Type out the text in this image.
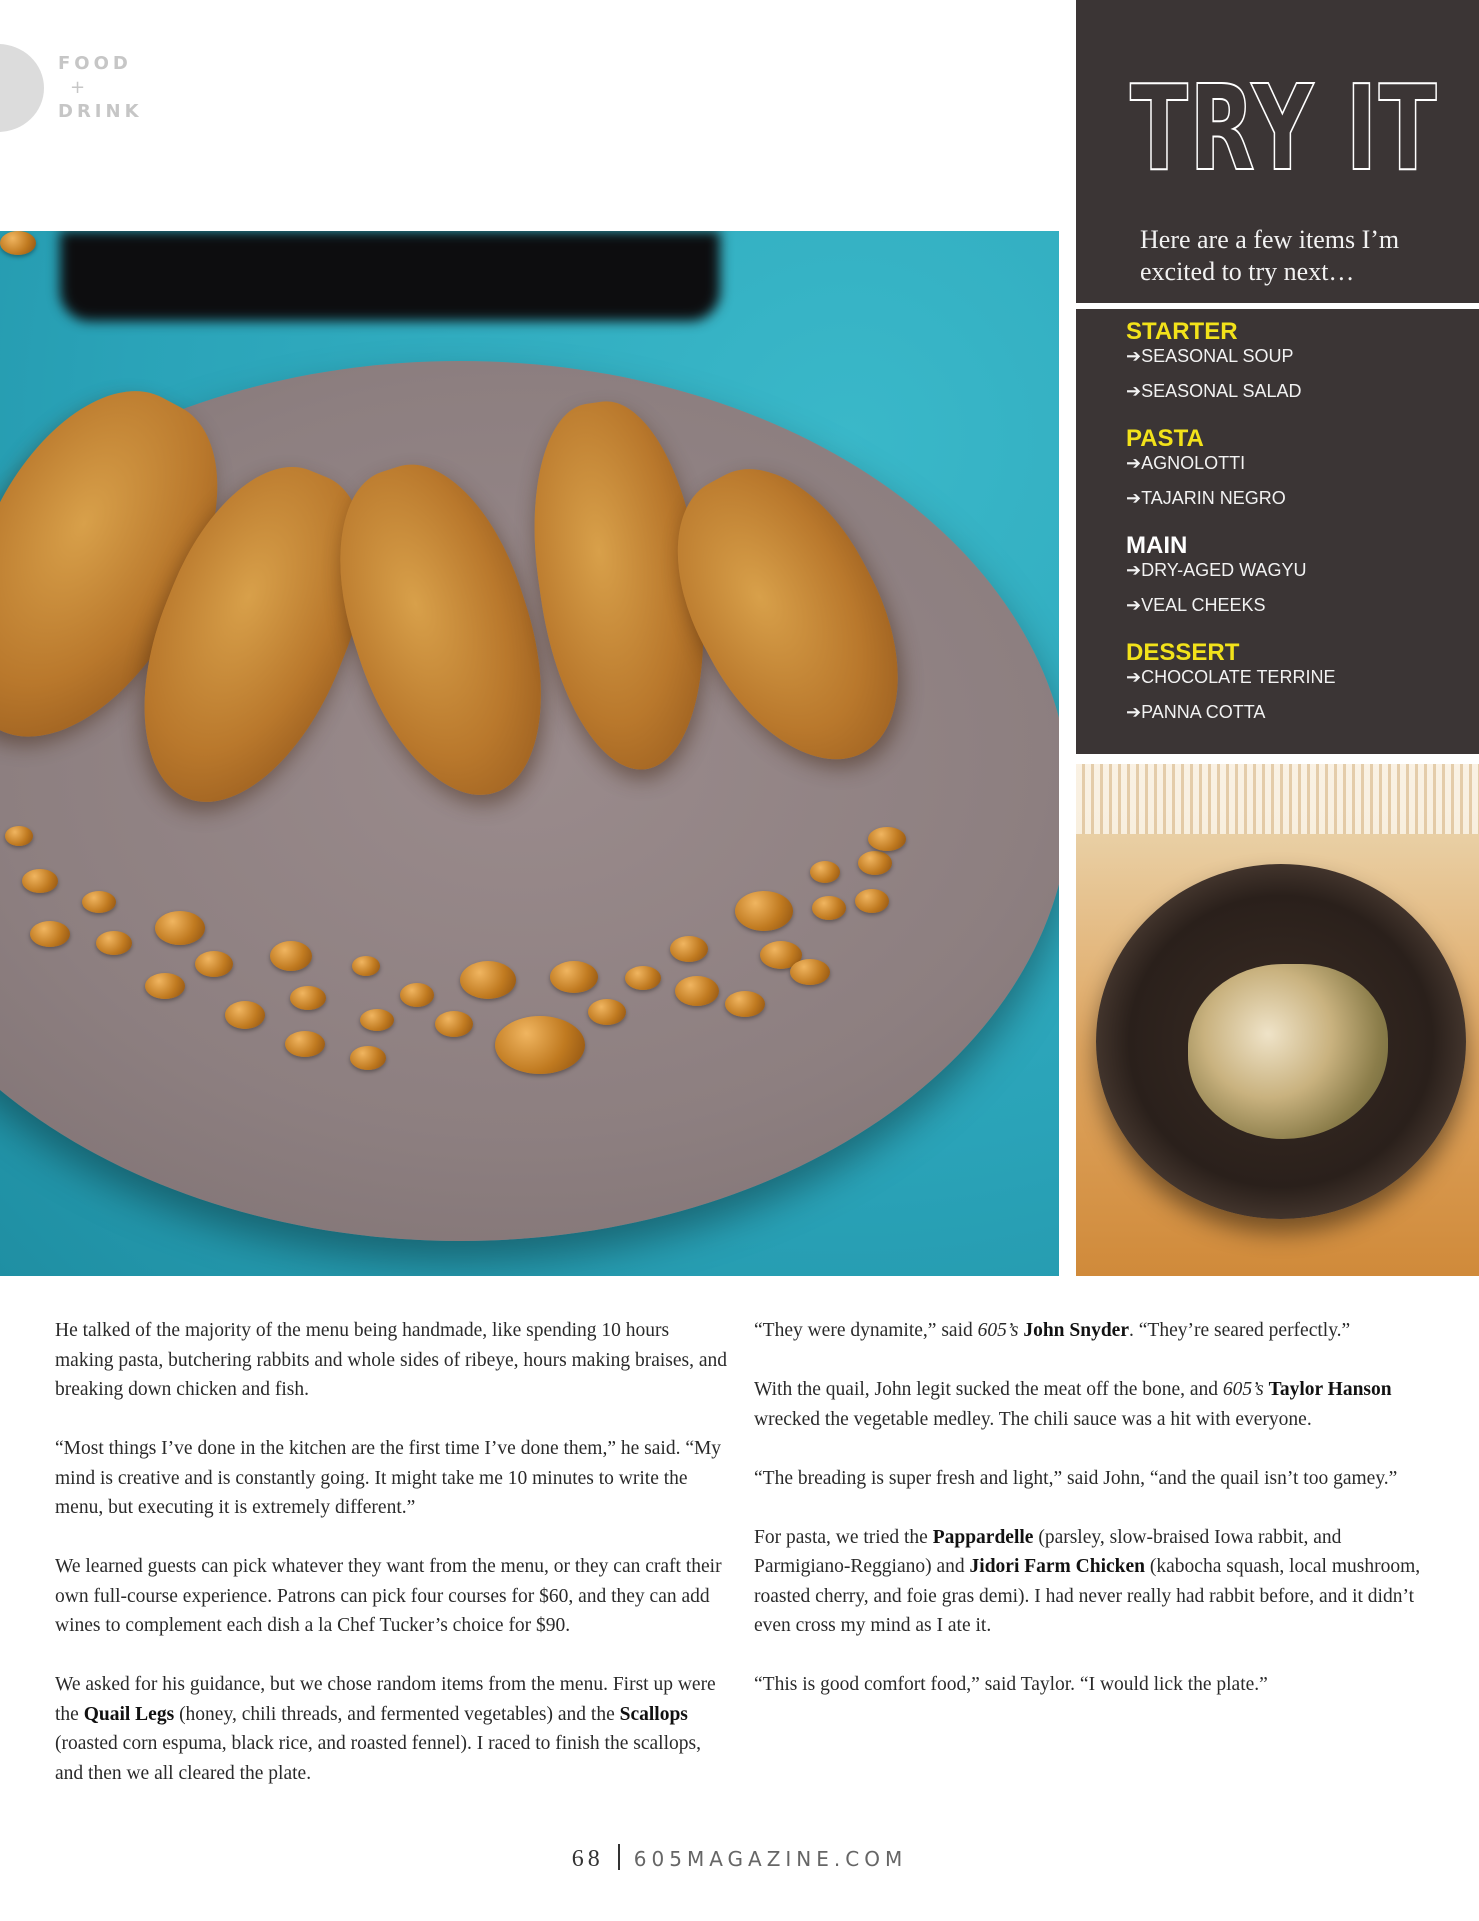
FOOD
+
DRINK	TRY IT
Here are a few items I’m excited to try next…
STARTER
➔SEASONAL SOUP
➔SEASONAL SALAD
PASTA
➔AGNOLOTTI
➔TAJARIN NEGRO
MAIN
➔DRY-AGED WAGYU
➔VEAL CHEEKS
DESSERT
➔CHOCOLATE TERRINE
➔PANNA COTTA

He talked of the majority of the menu being handmade, like spending 10 hours making pasta, butchering rabbits and whole sides of ribeye, hours making braises, and breaking down chicken and fish.

“Most things I’ve done in the kitchen are the first time I’ve done them,” he said. “My mind is creative and is constantly going. It might take me 10 minutes to write the menu, but executing it is extremely different.”

We learned guests can pick whatever they want from the menu, or they can craft their own full-course experience. Patrons can pick four courses for $60, and they can add wines to complement each dish a la Chef Tucker’s choice for $90.

We asked for his guidance, but we chose random items from the menu. First up were the Quail Legs (honey, chili threads, and fermented vegetables) and the Scallops (roasted corn espuma, black rice, and roasted fennel). I raced to finish the scallops, and then we all cleared the plate.

“They were dynamite,” said 605’s John Snyder. “They’re seared perfectly.”

With the quail, John legit sucked the meat off the bone, and 605’s Taylor Hanson wrecked the vegetable medley. The chili sauce was a hit with everyone.

“The breading is super fresh and light,” said John, “and the quail isn’t too gamey.”

For pasta, we tried the Pappardelle (parsley, slow-braised Iowa rabbit, and Parmigiano-Reggiano) and Jidori Farm Chicken (kabocha squash, local mushroom, roasted cherry, and foie gras demi). I had never really had rabbit before, and it didn’t even cross my mind as I ate it.

“This is good comfort food,” said Taylor. “I would lick the plate.”

68 605MAGAZINE.COM
